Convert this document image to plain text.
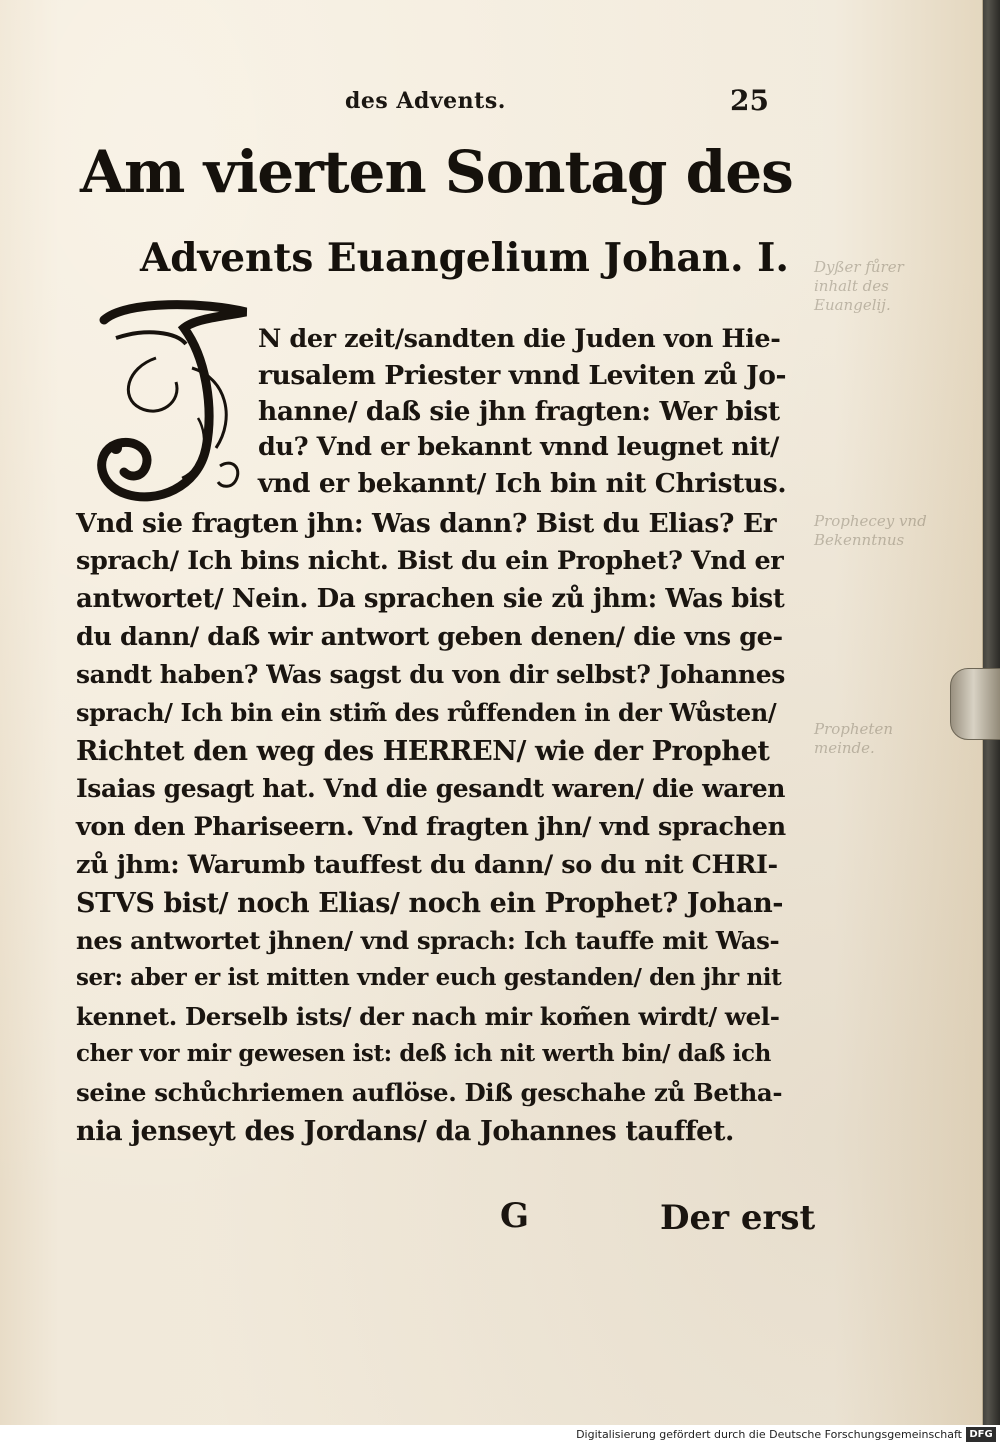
Dyßer fůrer
inhalt des
Euangelij.
Prophecey vnd
Bekenntnus
Propheten
meinde.
des Advents.	25
Am vierten Sontag des
Advents Euangelium Johan. I.
N der zeit/sandten die Juden von Hie-
rusalem Priester vnnd Leviten zů Jo-
hanne/ daß sie jhn fragten: Wer bist
du? Vnd er bekannt vnnd leugnet nit/
vnd er bekannt/ Ich bin nit Christus.
Vnd sie fragten jhn: Was dann? Bist du Elias? Er
sprach/ Ich bins nicht. Bist du ein Prophet? Vnd er
antwortet/ Nein. Da sprachen sie zů jhm: Was bist
du dann/ daß wir antwort geben denen/ die vns ge-
sandt haben? Was sagst du von dir selbst? Johannes
sprach/ Ich bin ein stim̃ des růffenden in der Wůsten/
Richtet den weg des HERREN/ wie der Prophet
Isaias gesagt hat. Vnd die gesandt waren/ die waren
von den Phariseern. Vnd fragten jhn/ vnd sprachen
zů jhm: Warumb tauffest du dann/ so du nit CHRI-
STVS bist/ noch Elias/ noch ein Prophet? Johan-
nes antwortet jhnen/ vnd sprach: Ich tauffe mit Was-
ser: aber er ist mitten vnder euch gestanden/ den jhr nit
kennet. Derselb ists/ der nach mir kom̃en wirdt/ wel-
cher vor mir gewesen ist: deß ich nit werth bin/ daß ich
seine schůchriemen auflöse. Diß geschahe zů Betha-
nia jenseyt des Jordans/ da Johannes tauffet.
G	Der erst
Digitalisierung gefördert durch die Deutsche Forschungsgemeinschaft DFG
